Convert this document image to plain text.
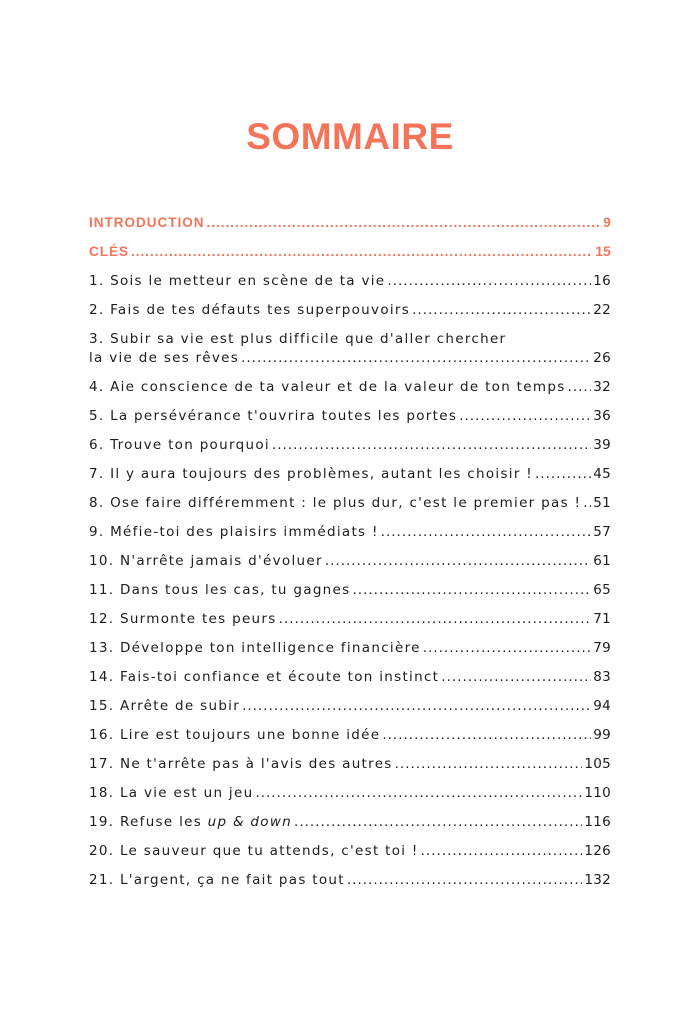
SOMMAIRE
INTRODUCTION .....	9
CLÉS .....	15
1. Sois le metteur en scène de ta vie .....	16
2. Fais de tes défauts tes superpouvoirs .....	22
3. Subir sa vie est plus difficile que d'aller chercher
la vie de ses rêves .....	26
4. Aie conscience de ta valeur et de la valeur de ton temps ..... 32
5. La persévérance t'ouvrira toutes les portes .....	36
6. Trouve ton pourquoi .....	39
7. Il y aura toujours des problèmes, autant les choisir ! .....	45
8. Ose faire différemment : le plus dur, c'est le premier pas ! ..... 51
9. Méfie-toi des plaisirs immédiats ! .....	57
10. N'arrête jamais d'évoluer .....	61
11. Dans tous les cas, tu gagnes .....	65
12. Surmonte tes peurs .....	71
13. Développe ton intelligence financière .....	79
14. Fais-toi confiance et écoute ton instinct .....	83
15. Arrête de subir .....	94
16. Lire est toujours une bonne idée .....	99
17. Ne t'arrête pas à l'avis des autres .....	105
18. La vie est un jeu .....	110
19. Refuse les up & down .....	116
20. Le sauveur que tu attends, c'est toi ! .....	126
21. L'argent, ça ne fait pas tout .....	132
